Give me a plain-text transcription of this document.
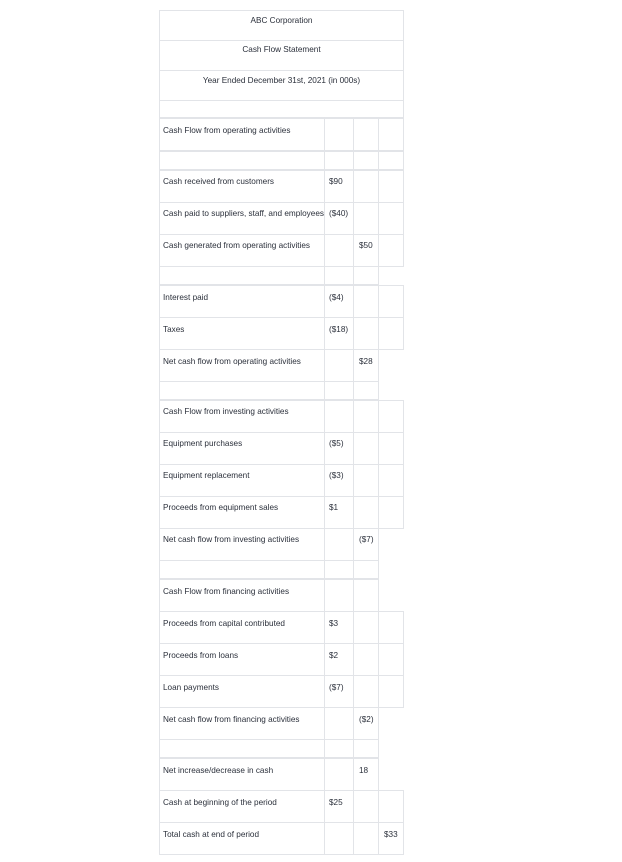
ABC Corporation
Cash Flow Statement
Year Ended December 31st, 2021 (in 000s)
Cash Flow from operating activities
Cash received from customers	$90
Cash paid to suppliers, staff, and employees ($40)
Cash generated from operating activities	$50
Interest paid	($4)
Taxes	($18)
Net cash flow from operating activities	$28
Cash Flow from investing activities
Equipment purchases	($5)
Equipment replacement	($3)
Proceeds from equipment sales	$1
Net cash flow from investing activities	($7)
Cash Flow from financing activities
Proceeds from capital contributed	$3
Proceeds from loans	$2
Loan payments	($7)
Net cash flow from financing activities	($2)
Net increase/decrease in cash	18
Cash at beginning of the period	$25
Total cash at end of period	$33
